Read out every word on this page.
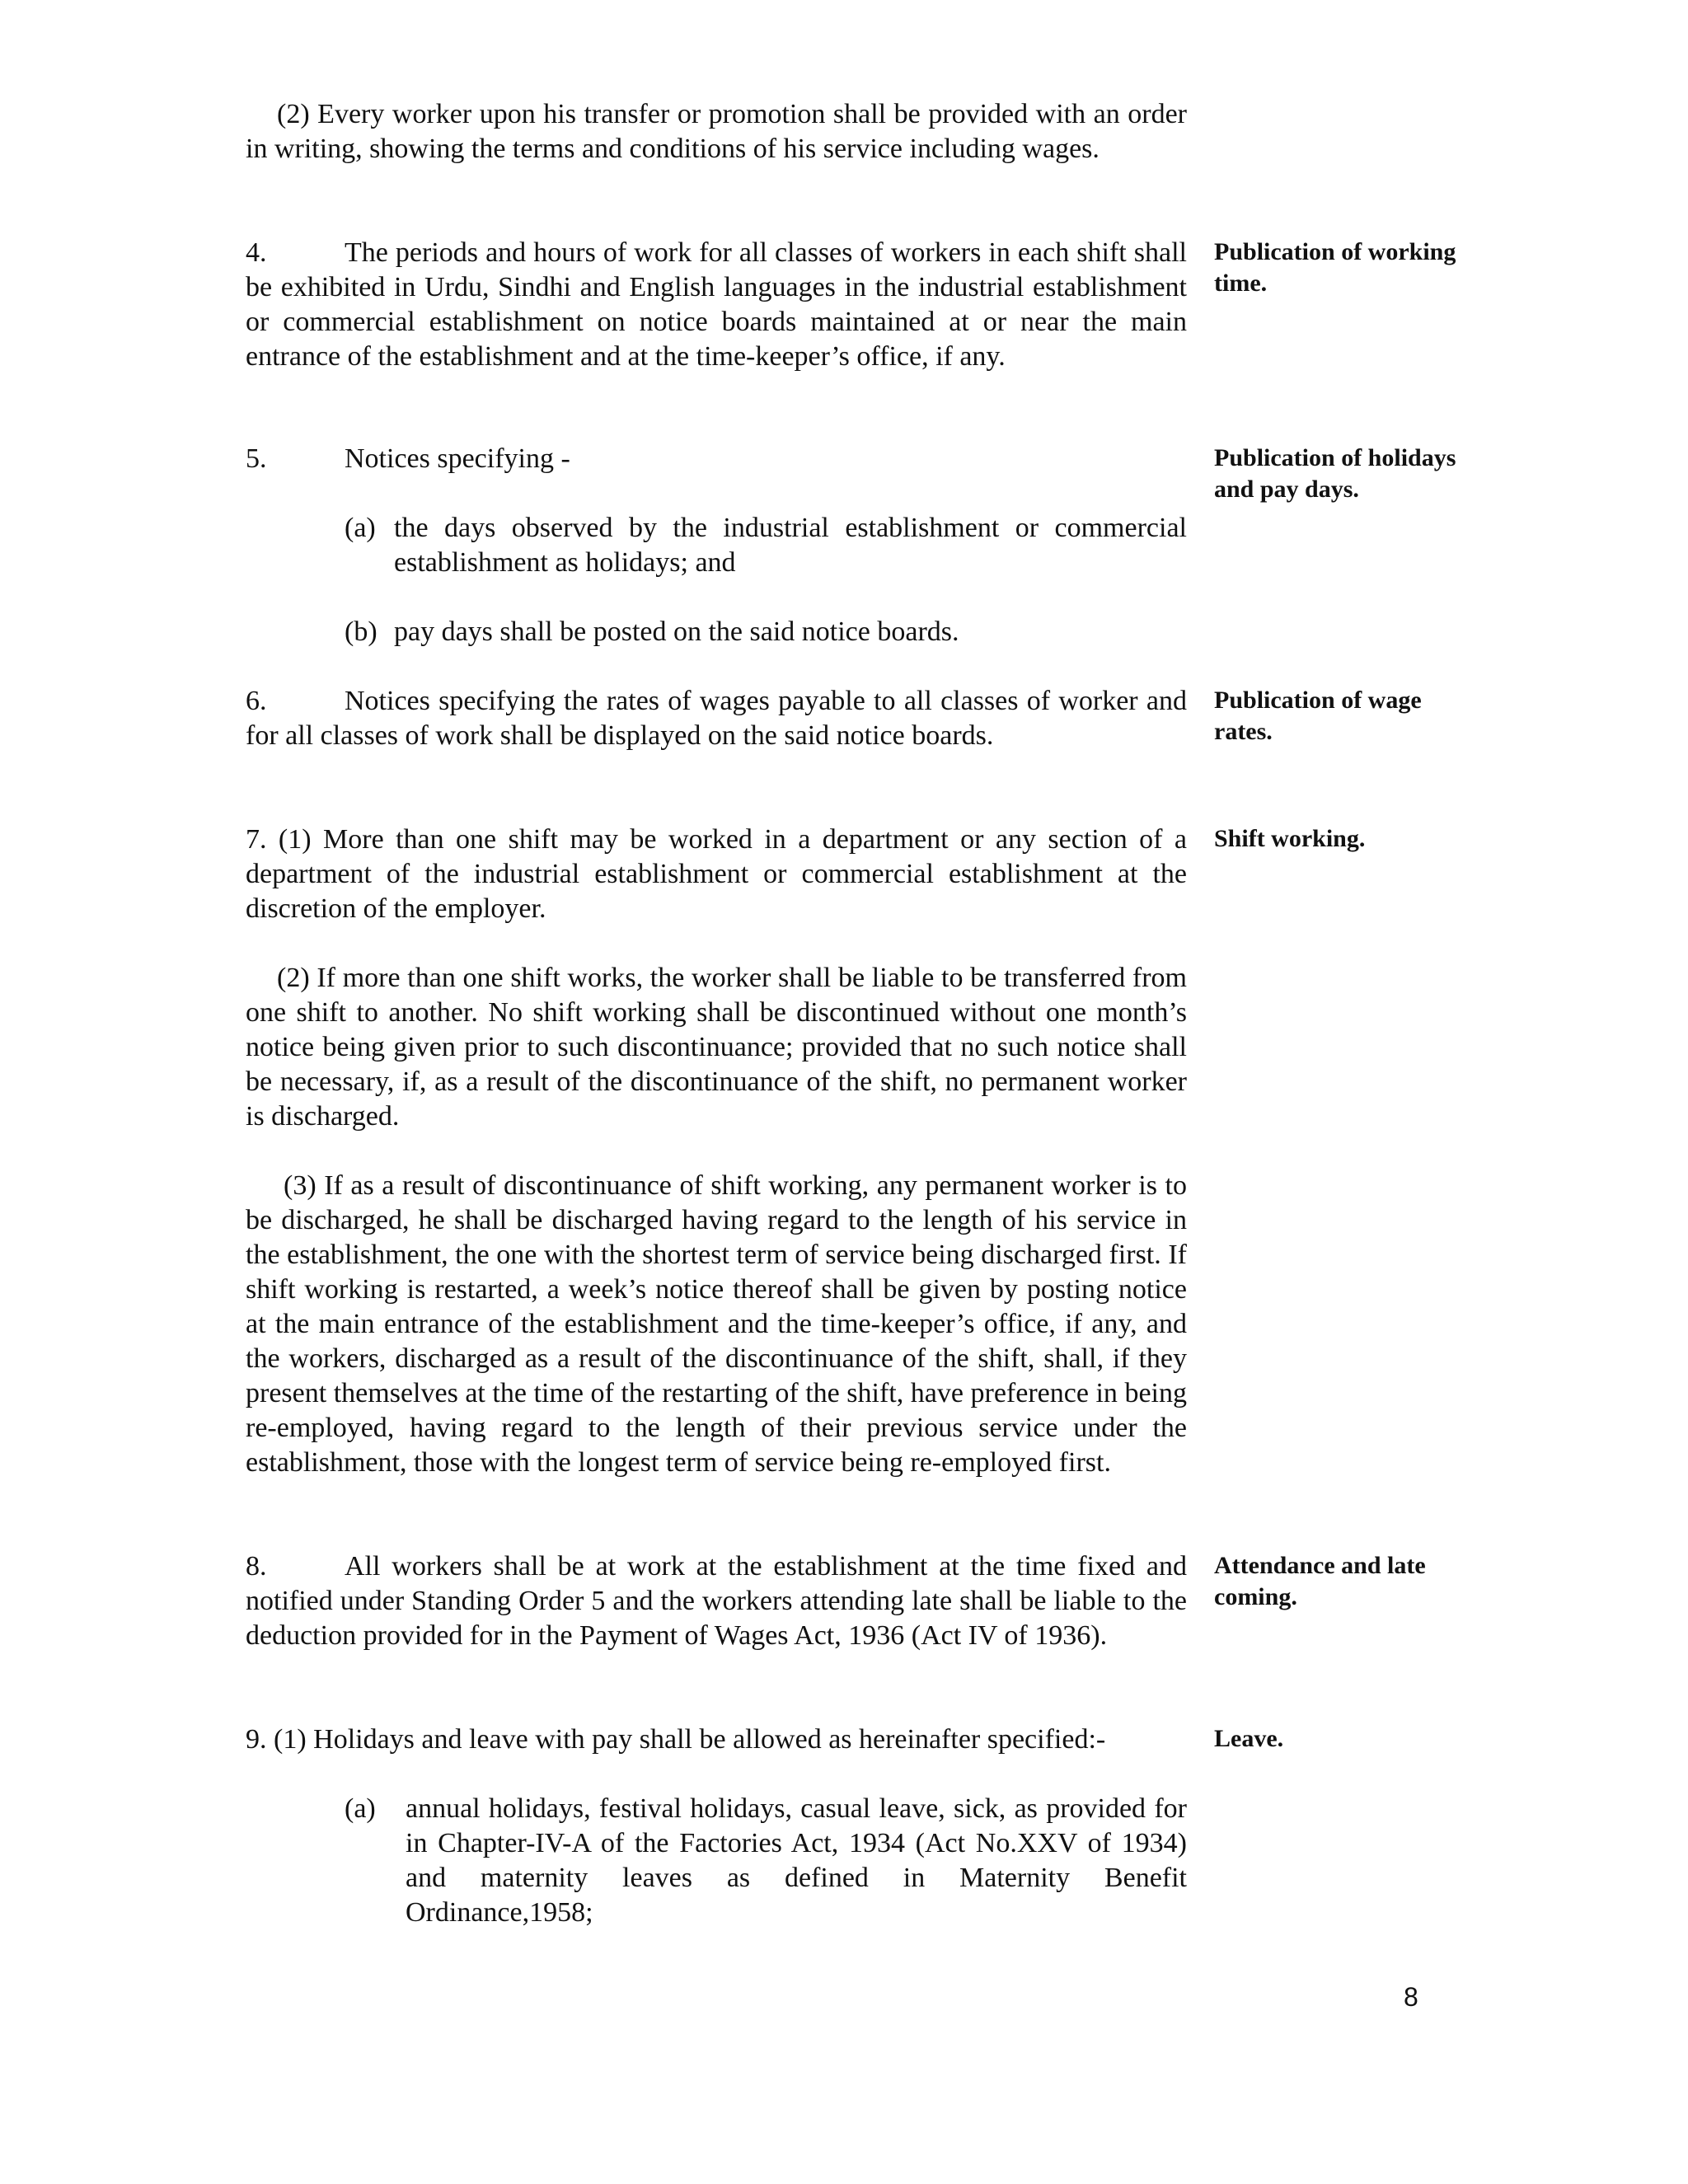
(2) Every worker upon his transfer or promotion shall be provided with an order in writing, showing the terms and conditions of his service including wages.

4.	The periods and hours of work for all classes of workers in each shift shall be exhibited in Urdu, Sindhi and English languages in the industrial establishment or commercial establishment on notice boards maintained at or near the main entrance of the establishment and at the time-keeper’s office, if any.

Publication of working time.

5.	Notices specifying -	Publication of holidays and pay days.
(a) the days observed by the industrial establishment or commercial establishment as holidays; and
(b) pay days shall be posted on the said notice boards.

6.	Notices specifying the rates of wages payable to all classes of worker and for all classes of work shall be displayed on the said notice boards.

Publication of wage rates.

7. (1) More than one shift may be worked in a department or any section of a department of the industrial establishment or commercial establishment at the discretion of the employer.

Shift working.

(2) If more than one shift works, the worker shall be liable to be transferred from one shift to another. No shift working shall be discontinued without one month’s notice being given prior to such discontinuance; provided that no such notice shall be necessary, if, as a result of the discontinuance of the shift, no permanent worker is discharged.

(3) If as a result of discontinuance of shift working, any permanent worker is to be discharged, he shall be discharged having regard to the length of his service in the establishment, the one with the shortest term of service being discharged first. If shift working is restarted, a week’s notice thereof shall be given by posting notice at the main entrance of the establishment and the time-keeper’s office, if any, and the workers, discharged as a result of the discontinuance of the shift, shall, if they present themselves at the time of the restarting of the shift, have preference in being re-employed, having regard to the length of their previous service under the establishment, those with the longest term of service being re-employed first.

8.	All workers shall be at work at the establishment at the time fixed and notified under Standing Order 5 and the workers attending late shall be liable to the deduction provided for in the Payment of Wages Act, 1936 (Act IV of 1936).

Attendance and late coming.

9. (1) Holidays and leave with pay shall be allowed as hereinafter specified:-	Leave.
(a)	annual holidays, festival holidays, casual leave, sick, as provided for in Chapter-IV-A of the Factories Act, 1934 (Act No.XXV of 1934) and maternity leaves as defined in Maternity Benefit Ordinance,1958;
8
